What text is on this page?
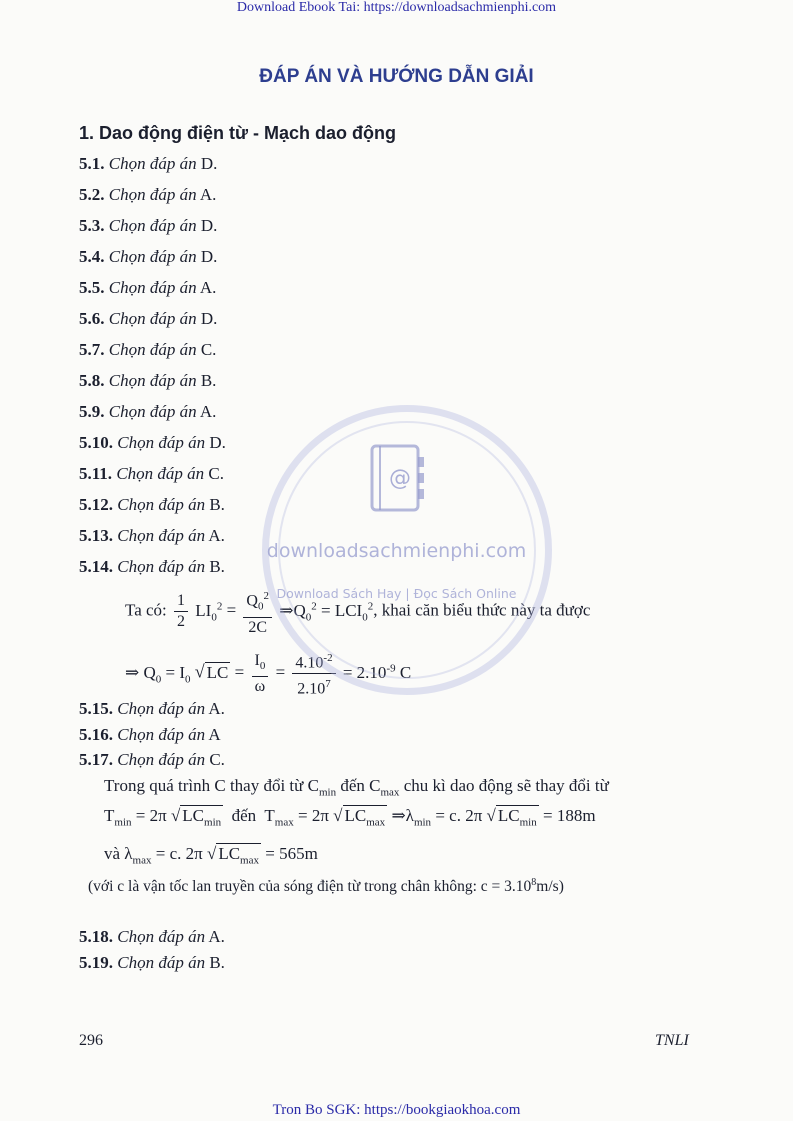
Download Ebook Tai: https://downloadsachmienphi.com
ĐÁP ÁN VÀ HƯỚNG DẪN GIẢI
1. Dao động điện từ - Mạch dao động
5.1. Chọn đáp án D.
5.2. Chọn đáp án A.
5.3. Chọn đáp án D.
5.4. Chọn đáp án D.
5.5. Chọn đáp án A.
5.6. Chọn đáp án D.
5.7. Chọn đáp án C.
5.8. Chọn đáp án B.
5.9. Chọn đáp án A.
5.10. Chọn đáp án D.
5.11. Chọn đáp án C.
5.12. Chọn đáp án B.
5.13. Chọn đáp án A.
5.14. Chọn đáp án B.
Ta có: $\frac{1}{2} LI_0^2 = \frac{Q_0^2}{2C}$ $\Rightarrow Q_0^2 = LCI_0^2$, khai căn biểu thức này ta được
⇒ $Q_0 = I_0$ √ LC = $\frac{I_0}{\omega} = \frac{4.10^{-2}}{2.10^7} = 2.10^{-9}$ C
5.15. Chọn đáp án A.
5.16. Chọn đáp án A
5.17. Chọn đáp án C.
Trong quá trình C thay đổi từ $C_{min}$ đến $C_{max}$ chu kì dao động sẽ thay đổi từ
$T_{min} = 2\pi$ √ $LC_{min}$ đến $T_{max} = 2\pi$ √ $LC_{max}$ $\Rightarrow\lambda_{min} = c$. 2π √ $LC_{min} = 188m$
và $\lambda_{max} = c$. 2π √ $LC_{max} = 565m$
(với c là vận tốc lan truyền của sóng điện từ trong chân không: $c = 3.10^8m/s$)
5.18. Chọn đáp án A.
5.19. Chọn đáp án B.
296	TNLI
Tron Bo SGK: https://bookgiaokhoa.com
@
downloadsachmienphi.com
Download Sách Hay | Đọc Sách Online
